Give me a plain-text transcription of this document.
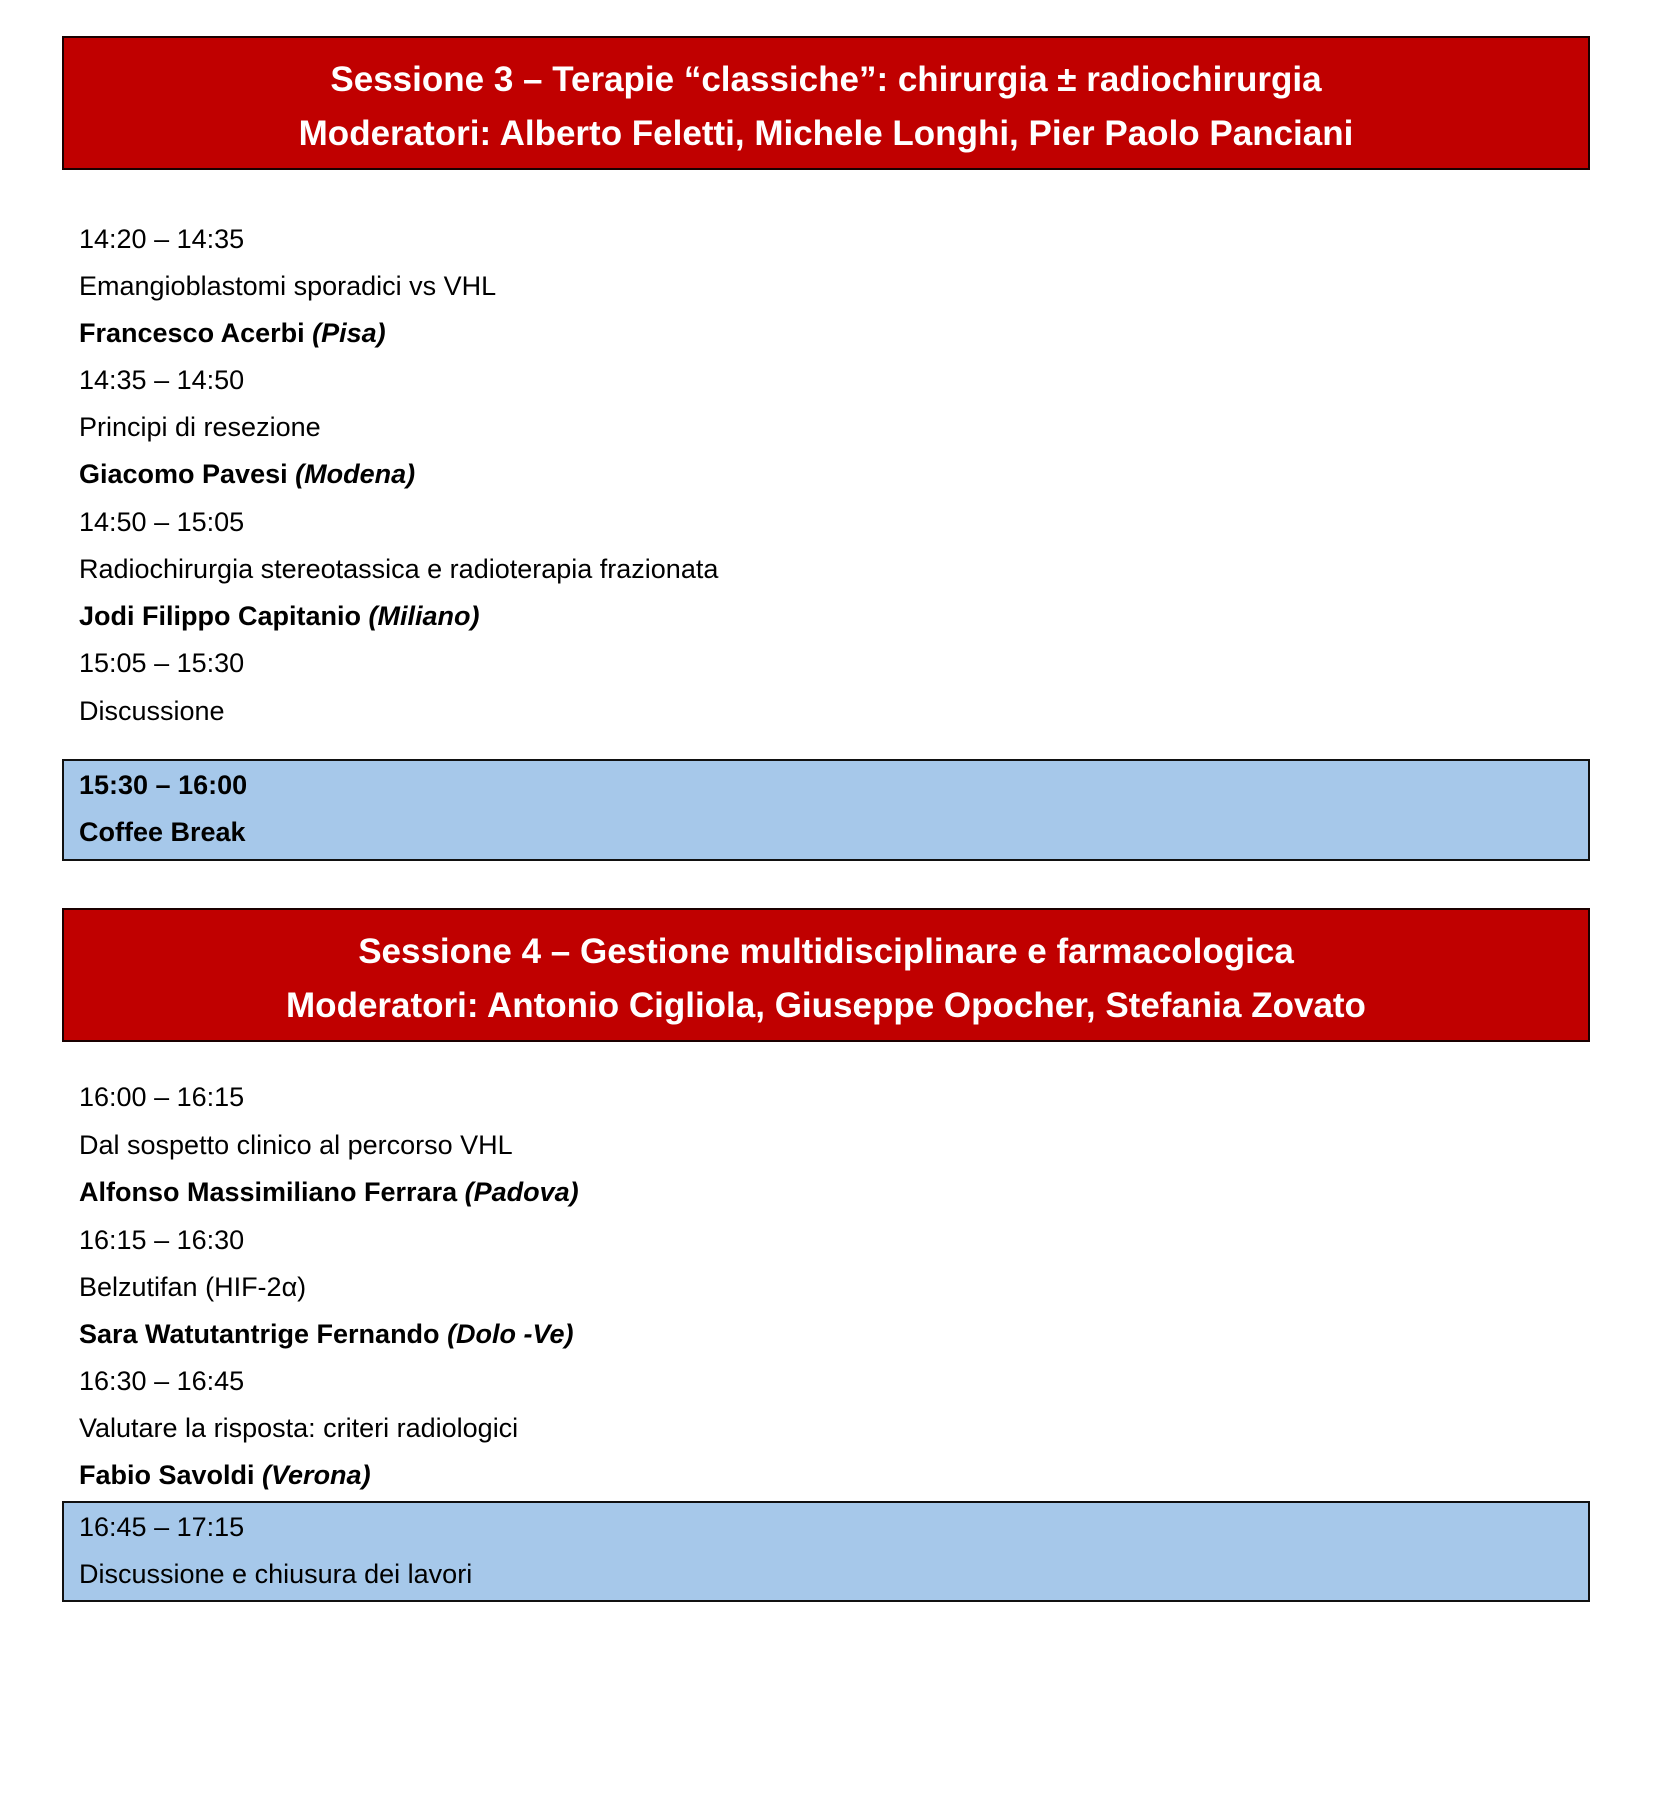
Sessione 3 – Terapie “classiche”: chirurgia ± radiochirurgia
Moderatori: Alberto Feletti, Michele Longhi, Pier Paolo Panciani
14:20 – 14:35
Emangioblastomi sporadici vs VHL
Francesco Acerbi (Pisa)
14:35 – 14:50
Principi di resezione
Giacomo Pavesi (Modena)
14:50 – 15:05
Radiochirurgia stereotassica e radioterapia frazionata
Jodi Filippo Capitanio (Miliano)
15:05 – 15:30
Discussione
15:30 – 16:00
Coffee Break
Sessione 4 – Gestione multidisciplinare e farmacologica
Moderatori: Antonio Cigliola, Giuseppe Opocher, Stefania Zovato
16:00 – 16:15
Dal sospetto clinico al percorso VHL
Alfonso Massimiliano Ferrara (Padova)
16:15 – 16:30
Belzutifan (HIF-2α)
Sara Watutantrige Fernando (Dolo -Ve)
16:30 – 16:45
Valutare la risposta: criteri radiologici
Fabio Savoldi (Verona)
16:45 – 17:15
Discussione e chiusura dei lavori
